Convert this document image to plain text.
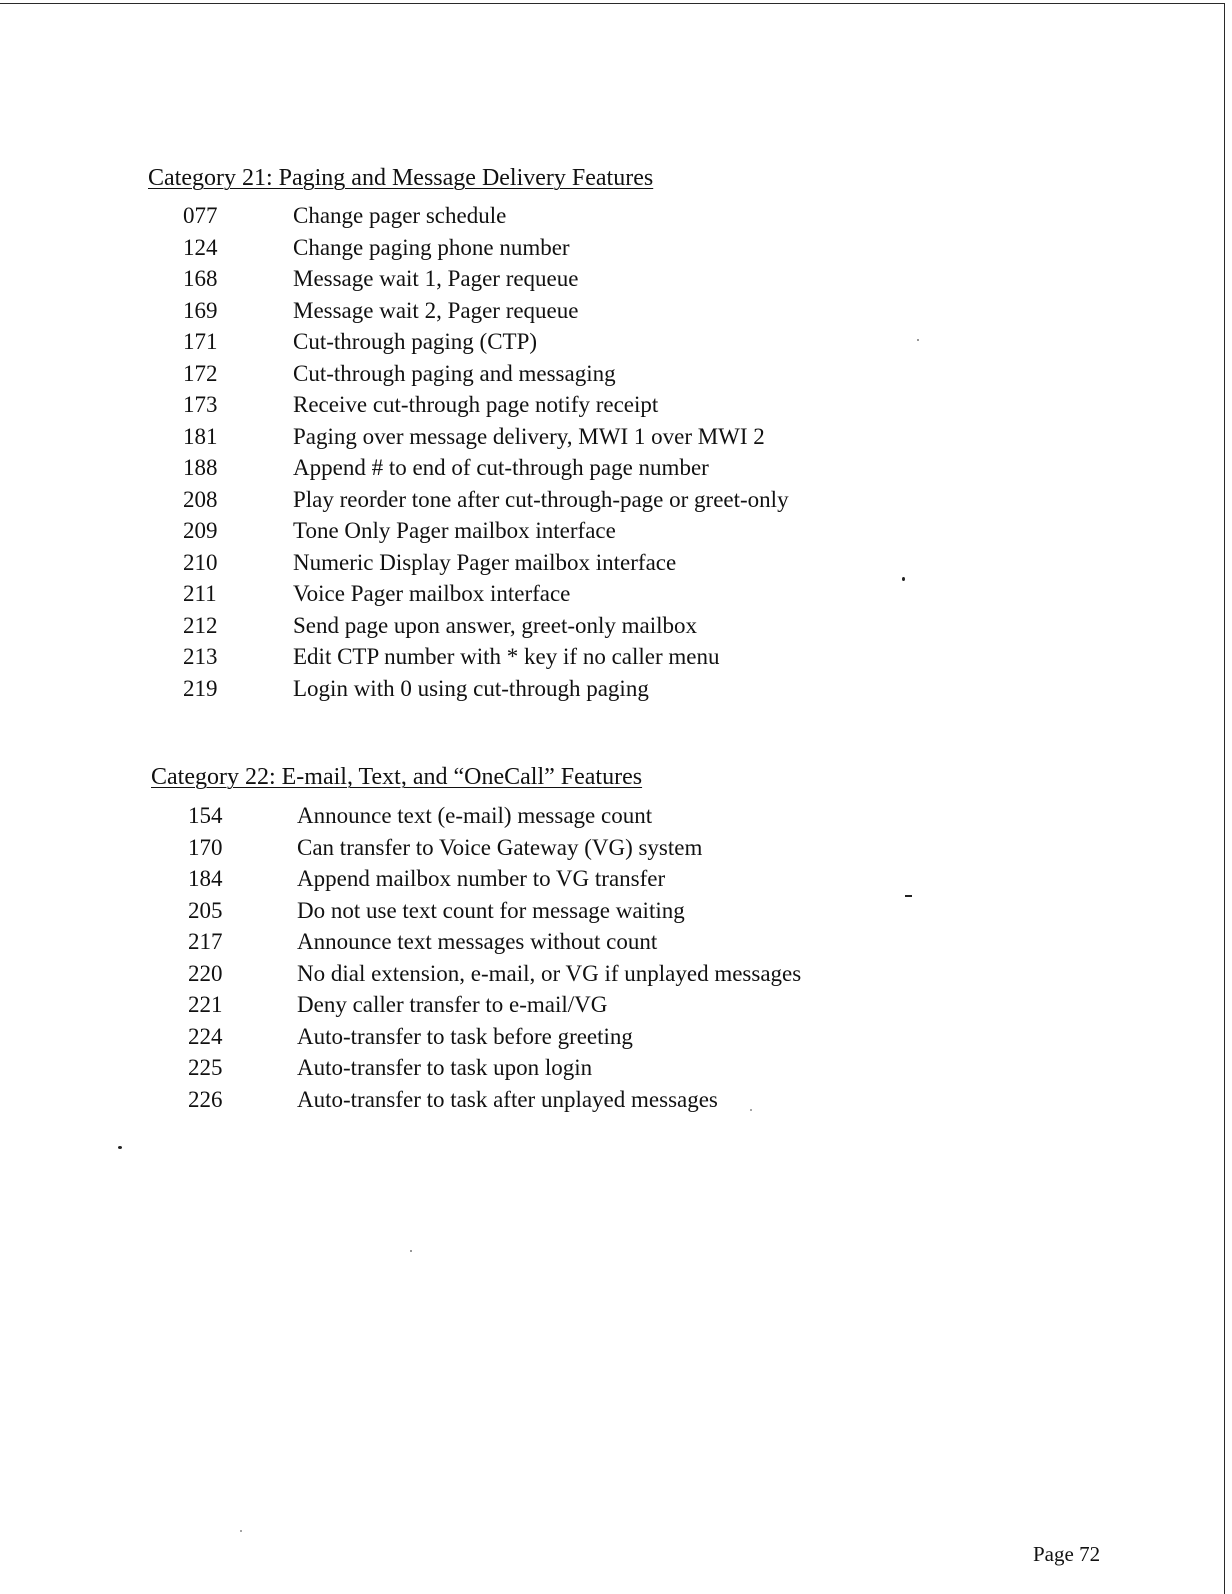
Category 21: Paging and Message Delivery Features
077	Change pager schedule
124	Change paging phone number
168	Message wait 1, Pager requeue
169	Message wait 2, Pager requeue
171	Cut-through paging (CTP)
172	Cut-through paging and messaging
173	Receive cut-through page notify receipt
181	Paging over message delivery, MWI 1 over MWI 2
188	Append # to end of cut-through page number
208	Play reorder tone after cut-through-page or greet-only
209	Tone Only Pager mailbox interface
210	Numeric Display Pager mailbox interface
211	Voice Pager mailbox interface
212	Send page upon answer, greet-only mailbox
213	Edit CTP number with * key if no caller menu
219	Login with 0 using cut-through paging
Category 22: E-mail, Text, and “OneCall” Features
154	Announce text (e-mail) message count
170	Can transfer to Voice Gateway (VG) system
184	Append mailbox number to VG transfer
205	Do not use text count for message waiting
217	Announce text messages without count
220	No dial extension, e-mail, or VG if unplayed messages
221	Deny caller transfer to e-mail/VG
224	Auto-transfer to task before greeting
225	Auto-transfer to task upon login
226	Auto-transfer to task after unplayed messages
Page 72
